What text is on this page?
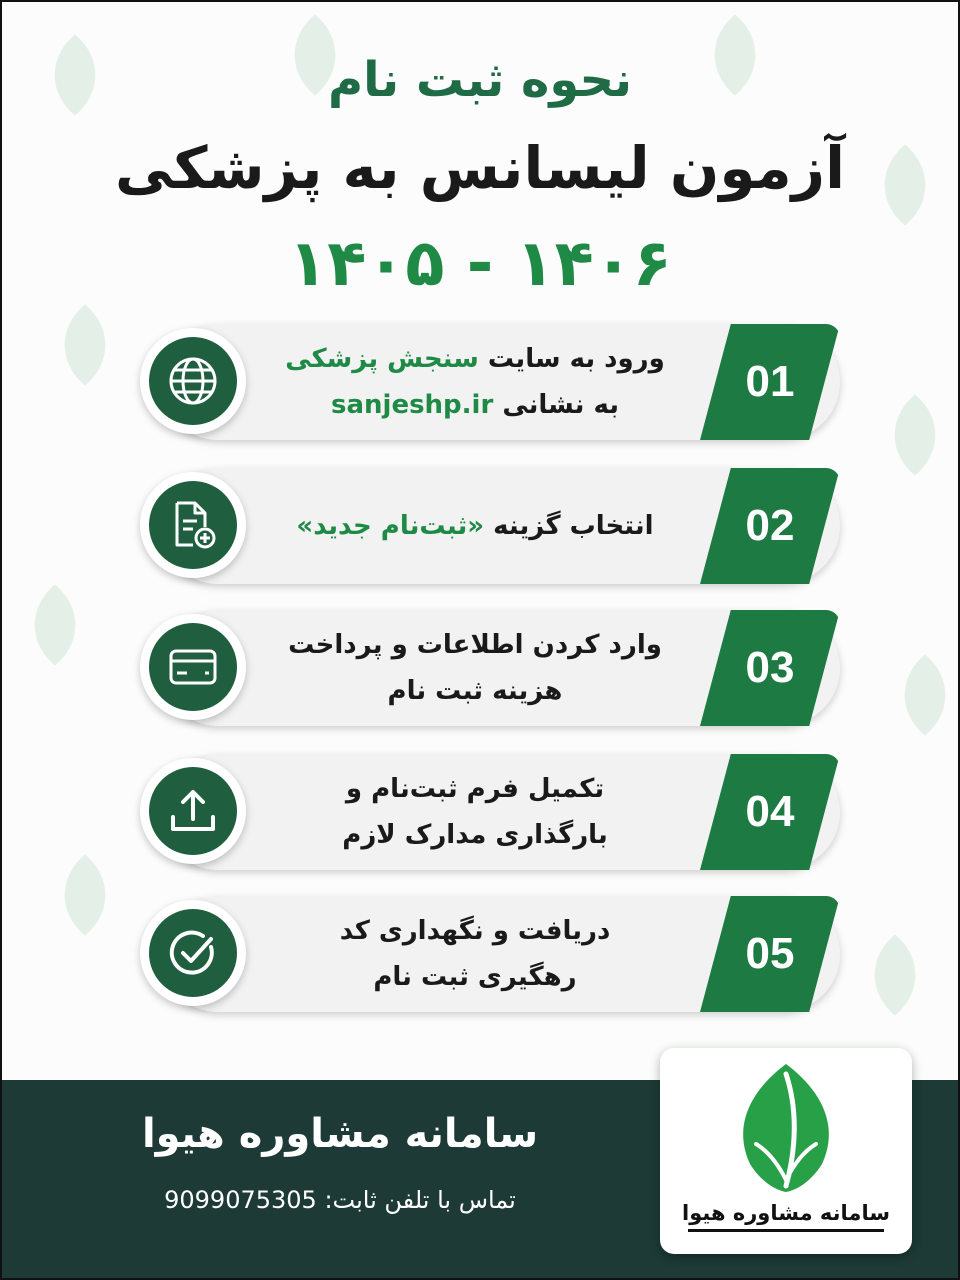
نحوه ثبت نام
آزمون لیسانس به پزشکی
۱۴۰۶ - ۱۴۰۵
01
ورود به سایت سنجش پزشکی
به نشانی sanjeshp.ir
02
انتخاب گزینه «ثبت‌نام جدید»
03
وارد کردن اطلاعات و پرداخت
هزینه ثبت نام
04
تکمیل فرم ثبت‌نام و
بارگذاری مدارک لازم
05
دریافت و نگهداری کد
رهگیری ثبت نام
سامانه مشاوره هیوا
تماس با تلفن ثابت: 9099075305	سامانه مشاوره هیوا
